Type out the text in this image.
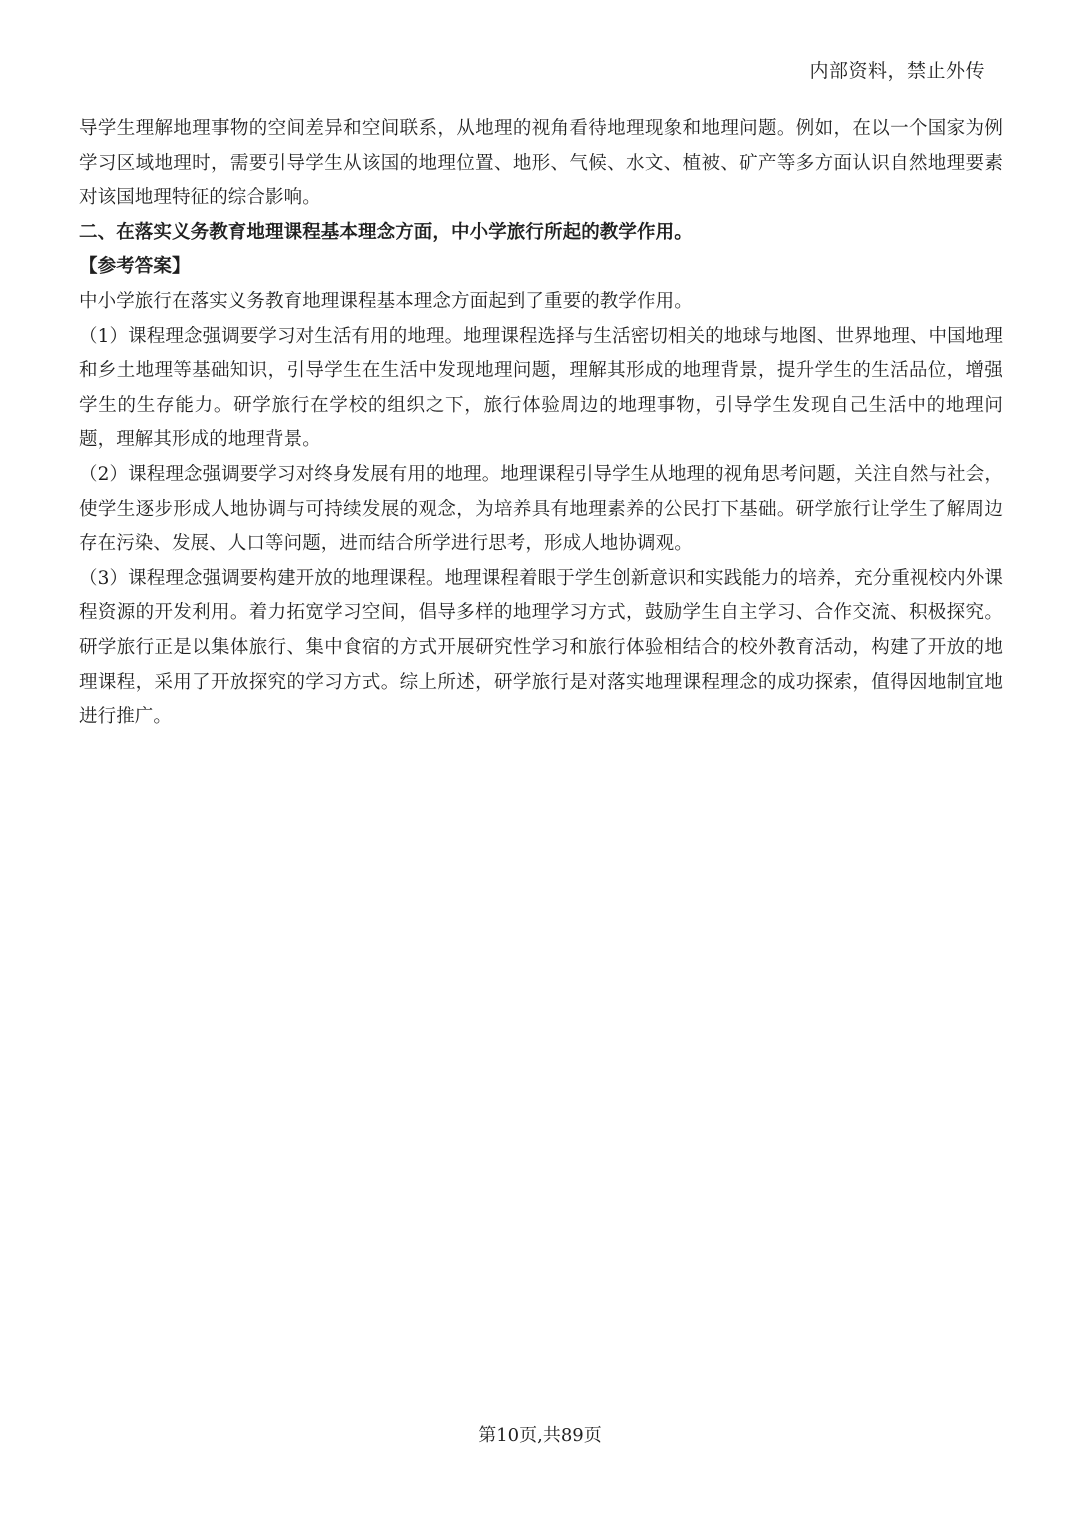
内部资料，禁止外传

导学生理解地理事物的空间差异和空间联系，从地理的视角看待地理现象和地理问题。例如，在以一个国家为例学习区域地理时，需要引导学生从该国的地理位置、地形、气候、水文、植被、矿产等多方面认识自然地理要素对该国地理特征的综合影响。

二、在落实义务教育地理课程基本理念方面，中小学旅行所起的教学作用。

【参考答案】

中小学旅行在落实义务教育地理课程基本理念方面起到了重要的教学作用。

（1）课程理念强调要学习对生活有用的地理。地理课程选择与生活密切相关的地球与地图、世界地理、中国地理和乡土地理等基础知识，引导学生在生活中发现地理问题，理解其形成的地理背景，提升学生的生活品位，增强学生的生存能力。研学旅行在学校的组织之下，旅行体验周边的地理事物，引导学生发现自己生活中的地理问题，理解其形成的地理背景。

（2）课程理念强调要学习对终身发展有用的地理。地理课程引导学生从地理的视角思考问题，关注自然与社会，使学生逐步形成人地协调与可持续发展的观念，为培养具有地理素养的公民打下基础。研学旅行让学生了解周边存在污染、发展、人口等问题，进而结合所学进行思考，形成人地协调观。

（3）课程理念强调要构建开放的地理课程。地理课程着眼于学生创新意识和实践能力的培养，充分重视校内外课程资源的开发利用。着力拓宽学习空间，倡导多样的地理学习方式，鼓励学生自主学习、合作交流、积极探究。研学旅行正是以集体旅行、集中食宿的方式开展研究性学习和旅行体验相结合的校外教育活动，构建了开放的地理课程，采用了开放探究的学习方式。综上所述，研学旅行是对落实地理课程理念的成功探索，值得因地制宜地进行推广。

第10页,共89页
